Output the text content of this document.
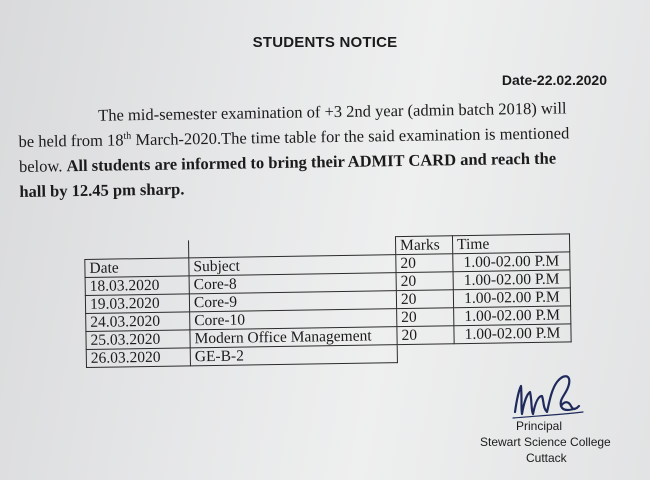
STUDENTS NOTICE
Date-22.02.2020
The mid-semester examination of +3 2nd year (admin batch 2018) will
be held from 18th March-2020.The time table for the said examination is mentioned
below. All students are informed to bring their ADMIT CARD and reach the
hall by 12.45 pm sharp.
		Marks	Time
Date	Subject	20	1.00-02.00 P.M
18.03.2020	Core-8	20	1.00-02.00 P.M
19.03.2020	Core-9	20	1.00-02.00 P.M
24.03.2020	Core-10	20	1.00-02.00 P.M
25.03.2020	Modern Office Management	20	1.00-02.00 P.M
26.03.2020	GE-B-2		
Principal
Stewart Science College
Cuttack
